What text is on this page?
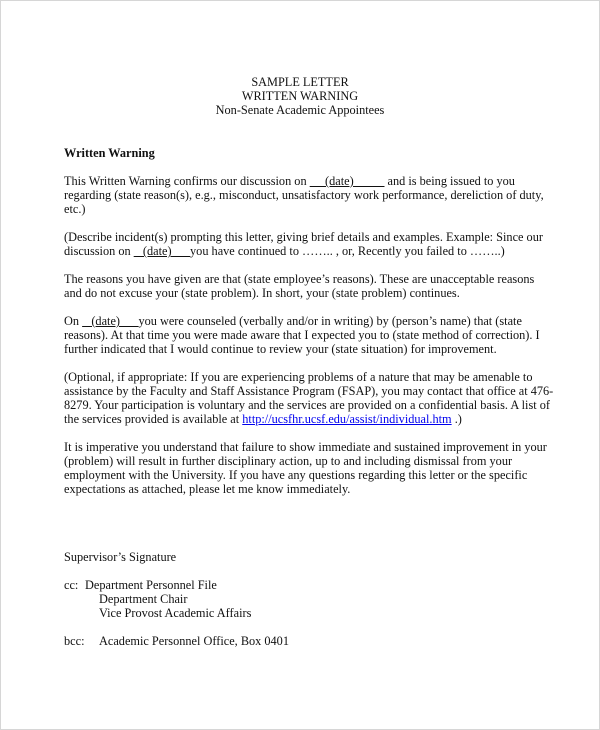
SAMPLE LETTER
WRITTEN WARNING
Non-Senate Academic Appointees
Written Warning

This Written Warning confirms our discussion on      (date)           and is being issued to you regarding (state reason(s), e.g., misconduct, unsatisfactory work performance, dereliction of duty, etc.)

(Describe incident(s) prompting this letter, giving brief details and examples. Example: Since our discussion on    (date)      you have continued to …….. , or, Recently you failed to ……..)

The reasons you have given are that (state employee’s reasons). These are unacceptable reasons and do not excuse your (state problem). In short, your (state problem) continues.

On    (date)      you were counseled (verbally and/or in writing) by (person’s name) that (state reasons). At that time you were made aware that I expected you to (state method of correction). I further indicated that I would continue to review your (state situation) for improvement.

(Optional, if appropriate: If you are experiencing problems of a nature that may be amenable to assistance by the Faculty and Staff Assistance Program (FSAP), you may contact that office at 476-8279. Your participation is voluntary and the services are provided on a confidential basis. A list of the services provided is available at http://ucsfhr.ucsf.edu/assist/individual.htm .)

It is imperative you understand that failure to show immediate and sustained improvement in your (problem) will result in further disciplinary action, up to and including dismissal from your employment with the University. If you have any questions regarding this letter or the specific expectations as attached, please let me know immediately.

Supervisor’s Signature
cc: Department Personnel File
Department Chair
Vice Provost Academic Affairs
bcc: Academic Personnel Office, Box 0401
